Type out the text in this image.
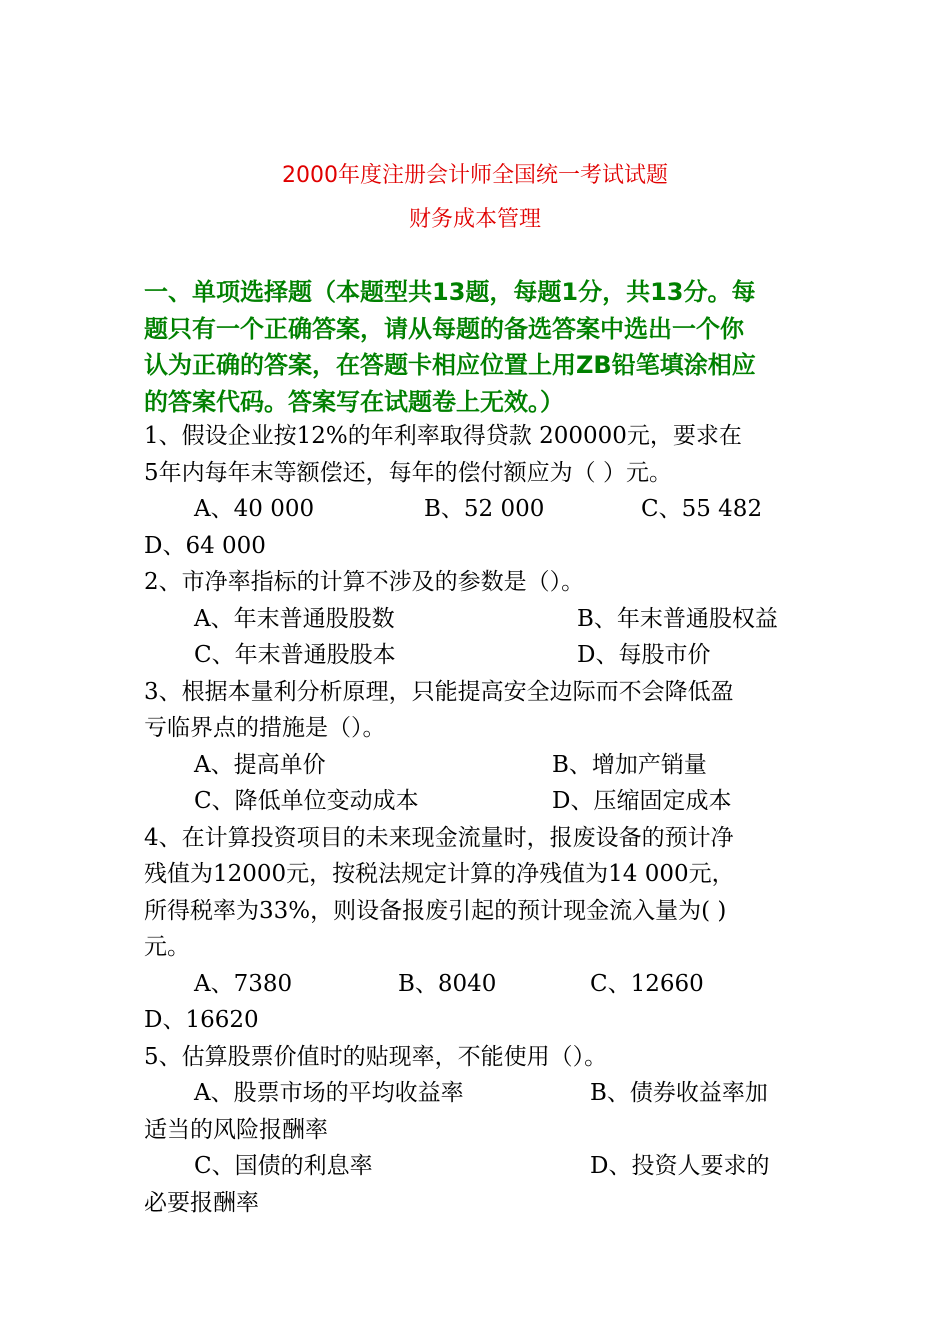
2000年度注册会计师全国统一考试试题
财务成本管理
一、单项选择题（本题型共13题，每题1分，共13分。每
题只有一个正确答案，请从每题的备选答案中选出一个你
认为正确的答案，在答题卡相应位置上用ZB铅笔填涂相应
的答案代码。答案写在试题卷上无效。）
1、假设企业按12%的年利率取得贷款 200000元，要求在
5年内每年末等额偿还，每年的偿付额应为（ ）元。
A、40 000	B、52 000	C、55 482
D、64 000
2、市净率指标的计算不涉及的参数是（）。
A、年末普通股股数	B、年末普通股权益
C、年末普通股股本	D、每股市价
3、根据本量利分析原理，只能提高安全边际而不会降低盈
亏临界点的措施是（）。
A、提高单价	B、增加产销量
C、降低单位变动成本	D、压缩固定成本
4、在计算投资项目的未来现金流量时，报废设备的预计净
残值为12000元，按税法规定计算的净残值为14 000元，
所得税率为33%，则设备报废引起的预计现金流入量为( )
元。
A、7380	B、8040	C、12660
D、16620
5、估算股票价值时的贴现率，不能使用（）。
A、股票市场的平均收益率	B、债券收益率加
适当的风险报酬率
C、国债的利息率	D、投资人要求的
必要报酬率
